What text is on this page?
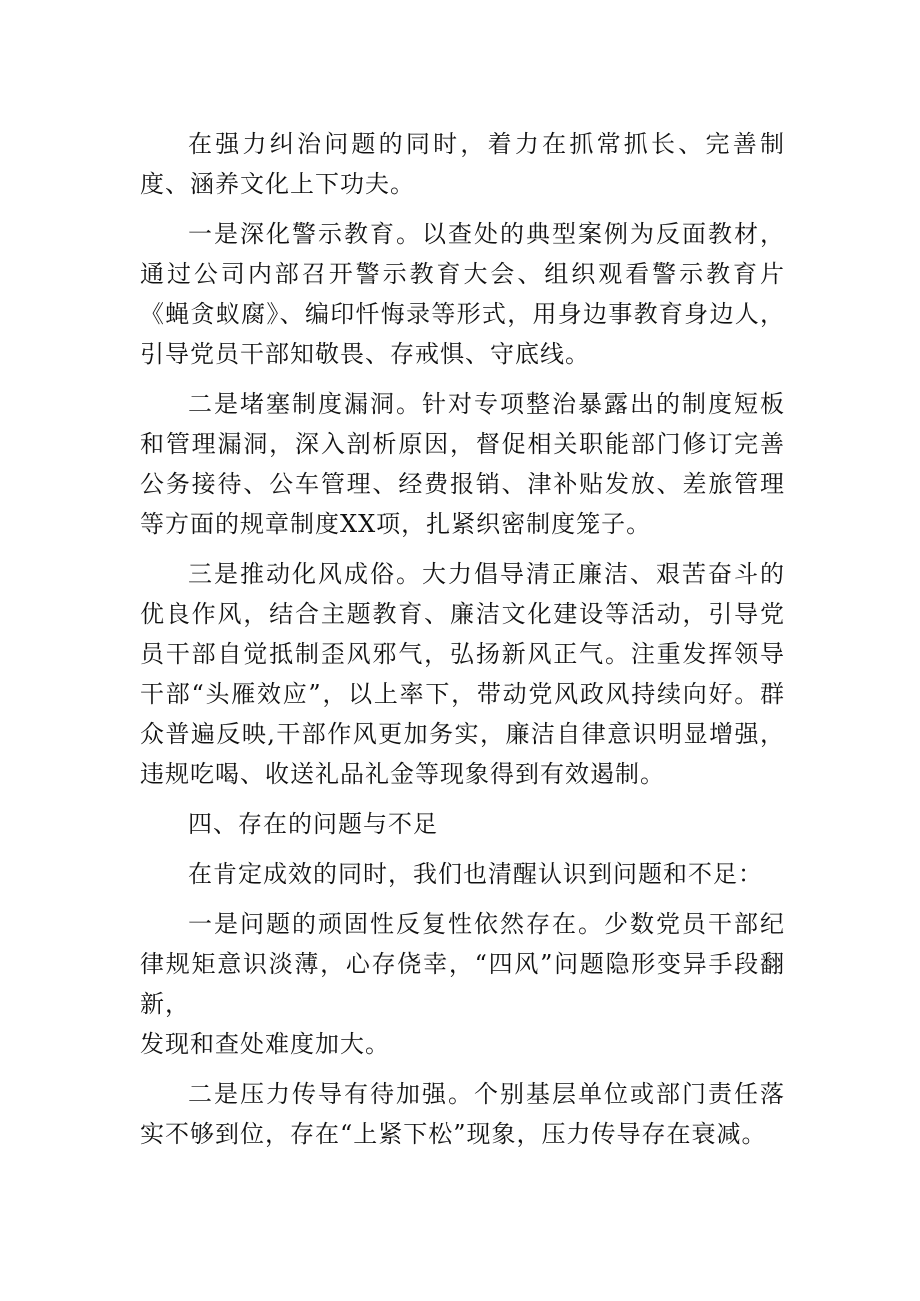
在强力纠治问题的同时，着力在抓常抓长、完善制度、涵养文化上下功夫。

一是深化警示教育。以查处的典型案例为反面教材，通过公司内部召开警示教育大会、组织观看警示教育片《蝇贪蚁腐》、编印忏悔录等形式，用身边事教育身边人，引导党员干部知敬畏、存戒惧、守底线。

二是堵塞制度漏洞。针对专项整治暴露出的制度短板和管理漏洞，深入剖析原因，督促相关职能部门修订完善公务接待、公车管理、经费报销、津补贴发放、差旅管理等方面的规章制度XX项，扎紧织密制度笼子。

三是推动化风成俗。大力倡导清正廉洁、艰苦奋斗的优良作风，结合主题教育、廉洁文化建设等活动，引导党员干部自觉抵制歪风邪气，弘扬新风正气。注重发挥领导干部“头雁效应”，以上率下，带动党风政风持续向好。群众普遍反映,干部作风更加务实，廉洁自律意识明显增强，违规吃喝、收送礼品礼金等现象得到有效遏制。

四、存在的问题与不足

在肯定成效的同时，我们也清醒认识到问题和不足：

一是问题的顽固性反复性依然存在。少数党员干部纪律规矩意识淡薄，心存侥幸，“四风”问题隐形变异手段翻新，
发现和查处难度加大。

二是压力传导有待加强。个别基层单位或部门责任落实不够到位，存在“上紧下松”现象，压力传导存在衰减。
